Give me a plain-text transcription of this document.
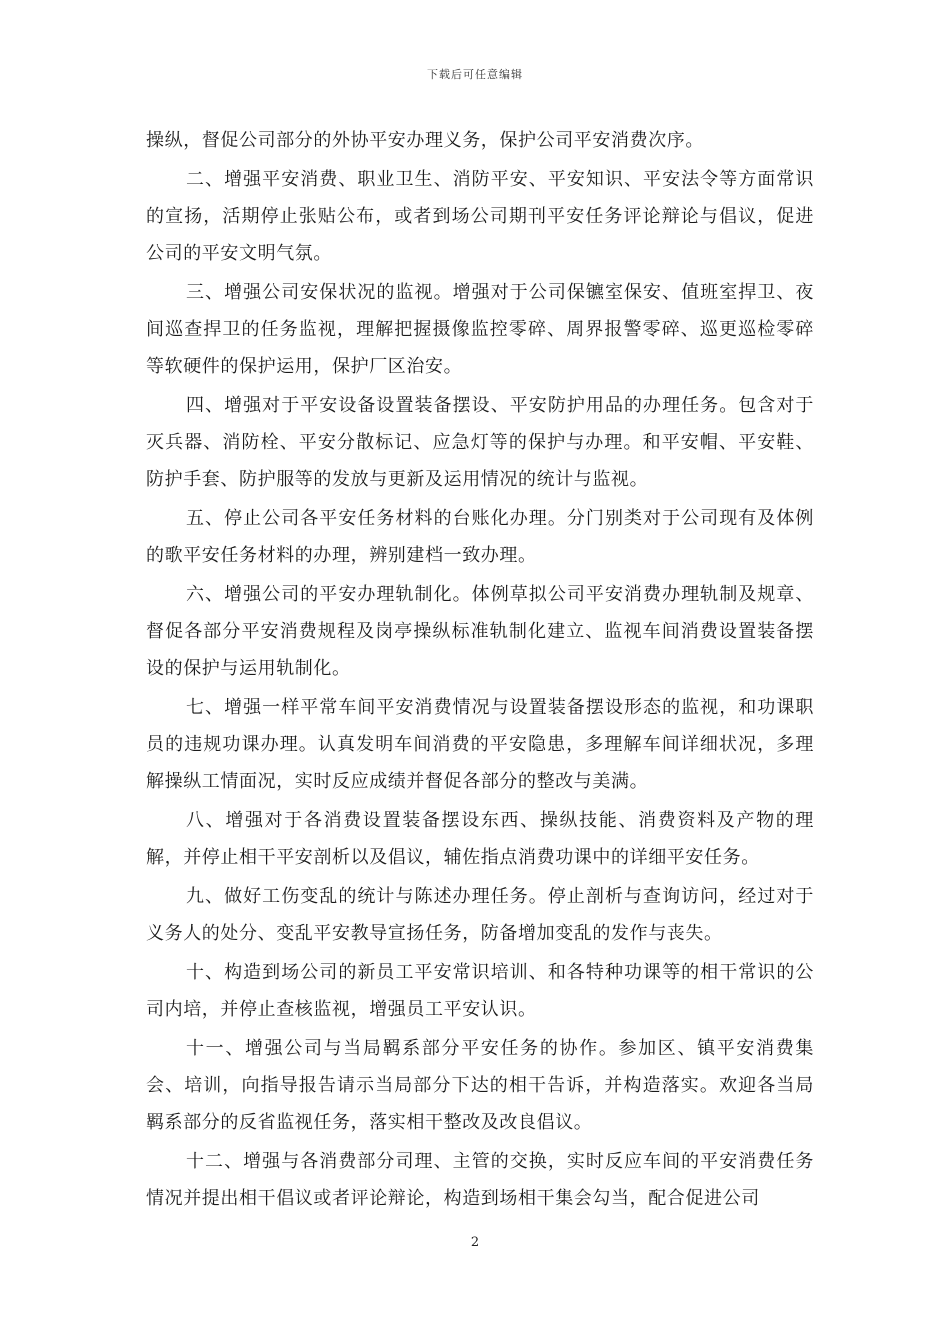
下载后可任意编辑

操纵，督促公司部分的外协平安办理义务，保护公司平安消费次序。

二、增强平安消费、职业卫生、消防平安、平安知识、平安法令等方面常识的宣扬，活期停止张贴公布，或者到场公司期刊平安任务评论辩论与倡议，促进公司的平安文明气氛。

三、增强公司安保状况的监视。增强对于公司保镳室保安、值班室捍卫、夜间巡查捍卫的任务监视，理解把握摄像监控零碎、周界报警零碎、巡更巡检零碎等软硬件的保护运用，保护厂区治安。

四、增强对于平安设备设置装备摆设、平安防护用品的办理任务。包含对于灭兵器、消防栓、平安分散标记、应急灯等的保护与办理。和平安帽、平安鞋、防护手套、防护服等的发放与更新及运用情况的统计与监视。

五、停止公司各平安任务材料的台账化办理。分门别类对于公司现有及体例的歌平安任务材料的办理，辨别建档一致办理。

六、增强公司的平安办理轨制化。体例草拟公司平安消费办理轨制及规章、督促各部分平安消费规程及岗亭操纵标准轨制化建立、监视车间消费设置装备摆设的保护与运用轨制化。

七、增强一样平常车间平安消费情况与设置装备摆设形态的监视，和功课职员的违规功课办理。认真发明车间消费的平安隐患，多理解车间详细状况，多理解操纵工情面况，实时反应成绩并督促各部分的整改与美满。

八、增强对于各消费设置装备摆设东西、操纵技能、消费资料及产物的理解，并停止相干平安剖析以及倡议，辅佐指点消费功课中的详细平安任务。

九、做好工伤变乱的统计与陈述办理任务。停止剖析与查询访问，经过对于义务人的处分、变乱平安教导宣扬任务，防备增加变乱的发作与丧失。

十、构造到场公司的新员工平安常识培训、和各特种功课等的相干常识的公司内培，并停止查核监视，增强员工平安认识。

十一、增强公司与当局羁系部分平安任务的协作。参加区、镇平安消费集会、培训，向指导报告请示当局部分下达的相干告诉，并构造落实。欢迎各当局羁系部分的反省监视任务，落实相干整改及改良倡议。

十二、增强与各消费部分司理、主管的交换，实时反应车间的平安消费任务情况并提出相干倡议或者评论辩论，构造到场相干集会勾当，配合促进公司

2
